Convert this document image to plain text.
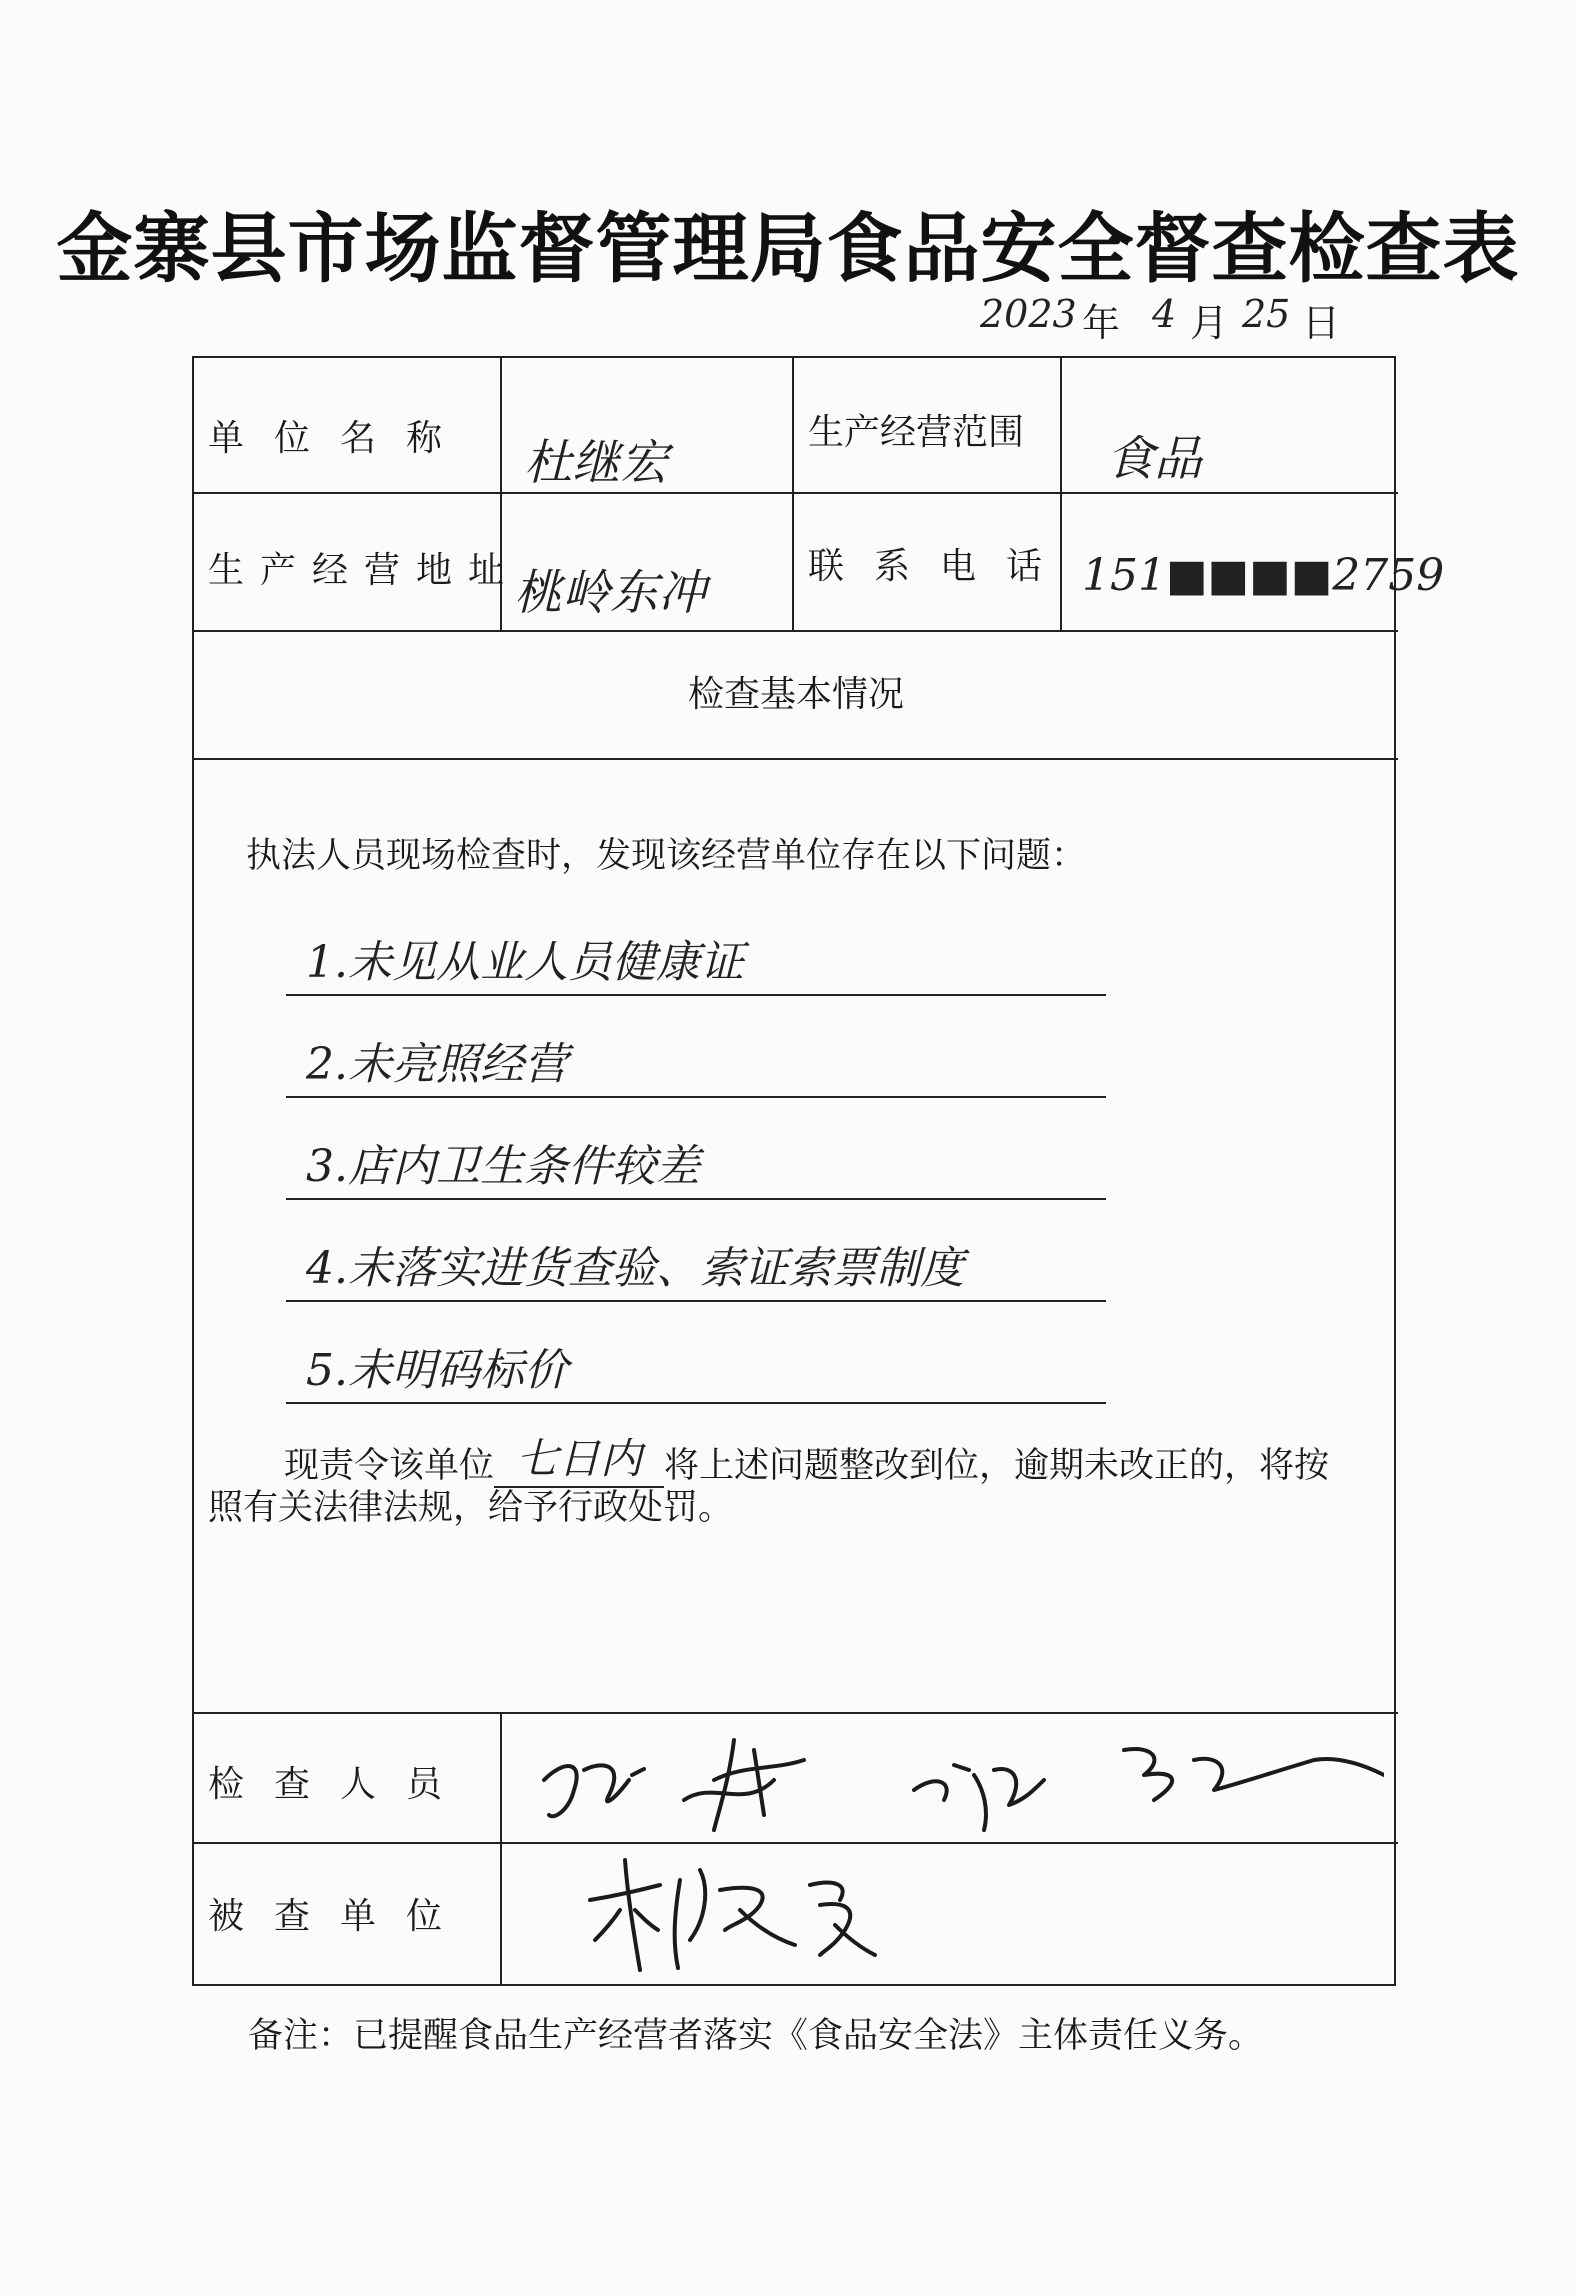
金寨县市场监督管理局食品安全督查检查表
2023 年 4 月 25 日
单位名称 杜继宏
生产经营范围 食品
生产经营地址
桃岭东冲	联系电话 151■■■■2759
检查基本情况
执法人员现场检查时，发现该经营单位存在以下问题：
1.未见从业人员健康证
2.未亮照经营
3.店内卫生条件较差
4.未落实进货查验、索证索票制度
5.未明码标价
现责令该单位 七日内 将上述问题整改到位，逾期未改正的，将按
照有关法律法规，给予行政处罚。
检查人员
被查单位
备注：已提醒食品生产经营者落实《食品安全法》主体责任义务。
